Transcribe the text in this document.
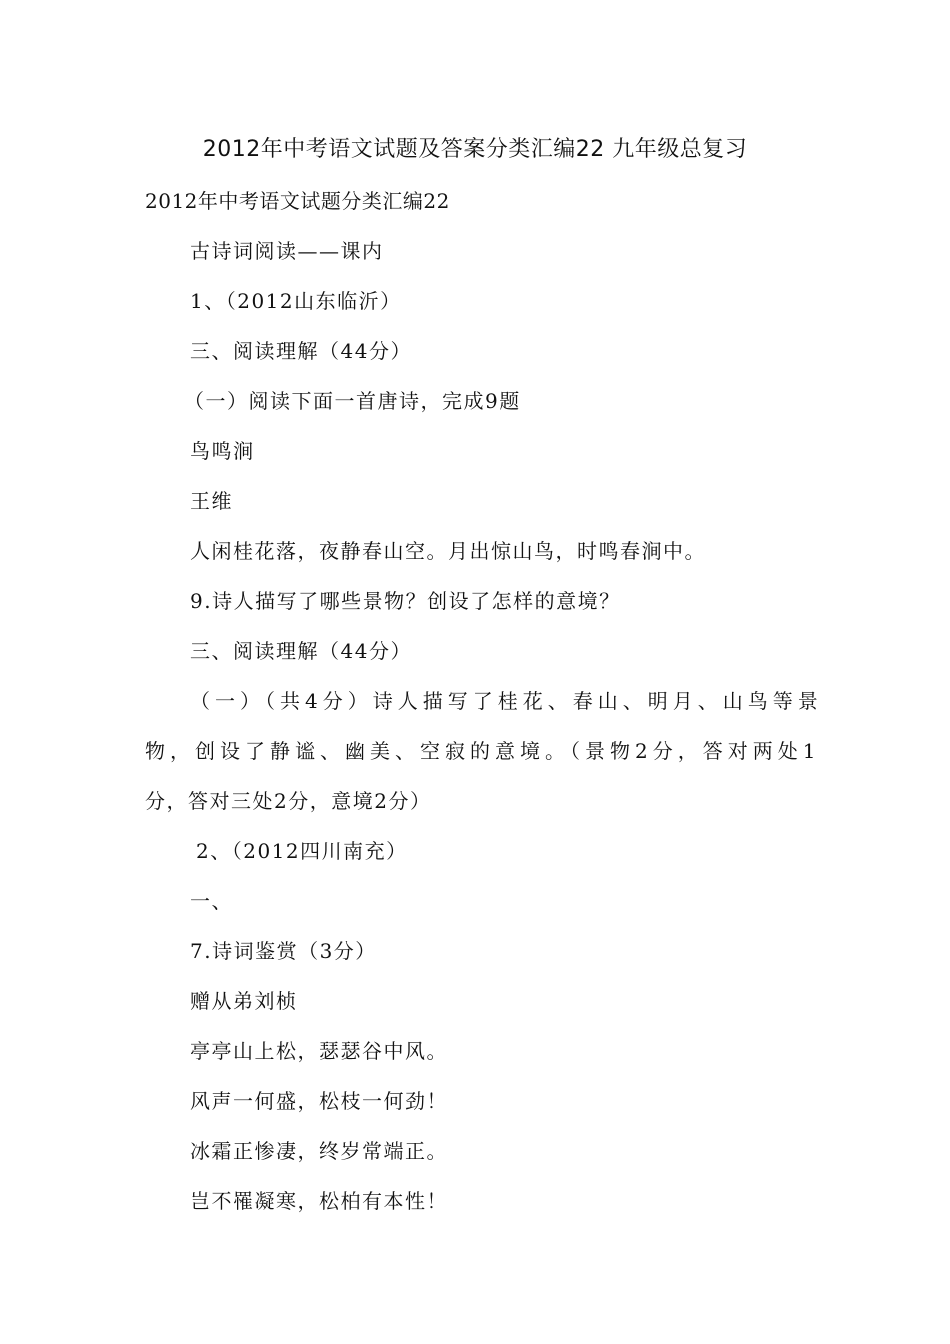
2012年中考语文试题及答案分类汇编22 九年级总复习
2012年中考语文试题分类汇编22
古诗词阅读——课内
1、（2012山东临沂）
三、阅读理解（44分）
（一）阅读下面一首唐诗，完成9题
鸟鸣涧
王维
人闲桂花落，夜静春山空。月出惊山鸟，时鸣春涧中。
9.诗人描写了哪些景物？创设了怎样的意境？
三、阅读理解（44分）
（一）（共4分）诗人描写了桂花、春山、明月、山鸟等景
物，创设了静谧、幽美、空寂的意境。（景物2分，答对两处1
分，答对三处2分，意境2分）
2、（2012四川南充）
一、
7.诗词鉴赏（3分）
赠从弟刘桢
亭亭山上松，瑟瑟谷中风。
风声一何盛，松枝一何劲！
冰霜正惨凄，终岁常端正。
岂不罹凝寒，松柏有本性！
